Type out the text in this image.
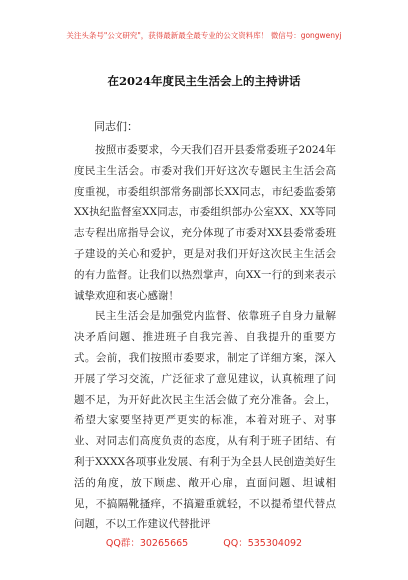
关注头条号"公文研究"，获得最新最全最专业的公文资料库！ 微信号：gongwenyj
在2024年度民主生活会上的主持讲话
同志们：

按照市委要求，今天我们召开县委常委班子2024年度民主生活会。市委对我们开好这次专题民主生活会高度重视，市委组织部常务副部长XX同志，市纪委监委第XX执纪监督室XX同志，市委组织部办公室XX、XX等同志专程出席指导会议，充分体现了市委对XX县委常委班子建设的关心和爱护，更是对我们开好这次民主生活会的有力监督。让我们以热烈掌声，向XX一行的到来表示诚挚欢迎和衷心感谢！

民主生活会是加强党内监督、依靠班子自身力量解决矛盾问题、推进班子自我完善、自我提升的重要方式。会前，我们按照市委要求，制定了详细方案，深入开展了学习交流，广泛征求了意见建议，认真梳理了问题不足，为开好此次民主生活会做了充分准备。会上，希望大家要坚持更严更实的标准，本着对班子、对事业、对同志们高度负责的态度，从有利于班子团结、有利于XXXX各项事业发展、有利于为全县人民创造美好生活的角度，放下顾虑、敞开心扉，直面问题、坦诚相见，不搞隔靴搔痒，不搞避重就轻，不以提希望代替点问题，不以工作建议代替批评

QQ群：30265665	QQ：535304092
